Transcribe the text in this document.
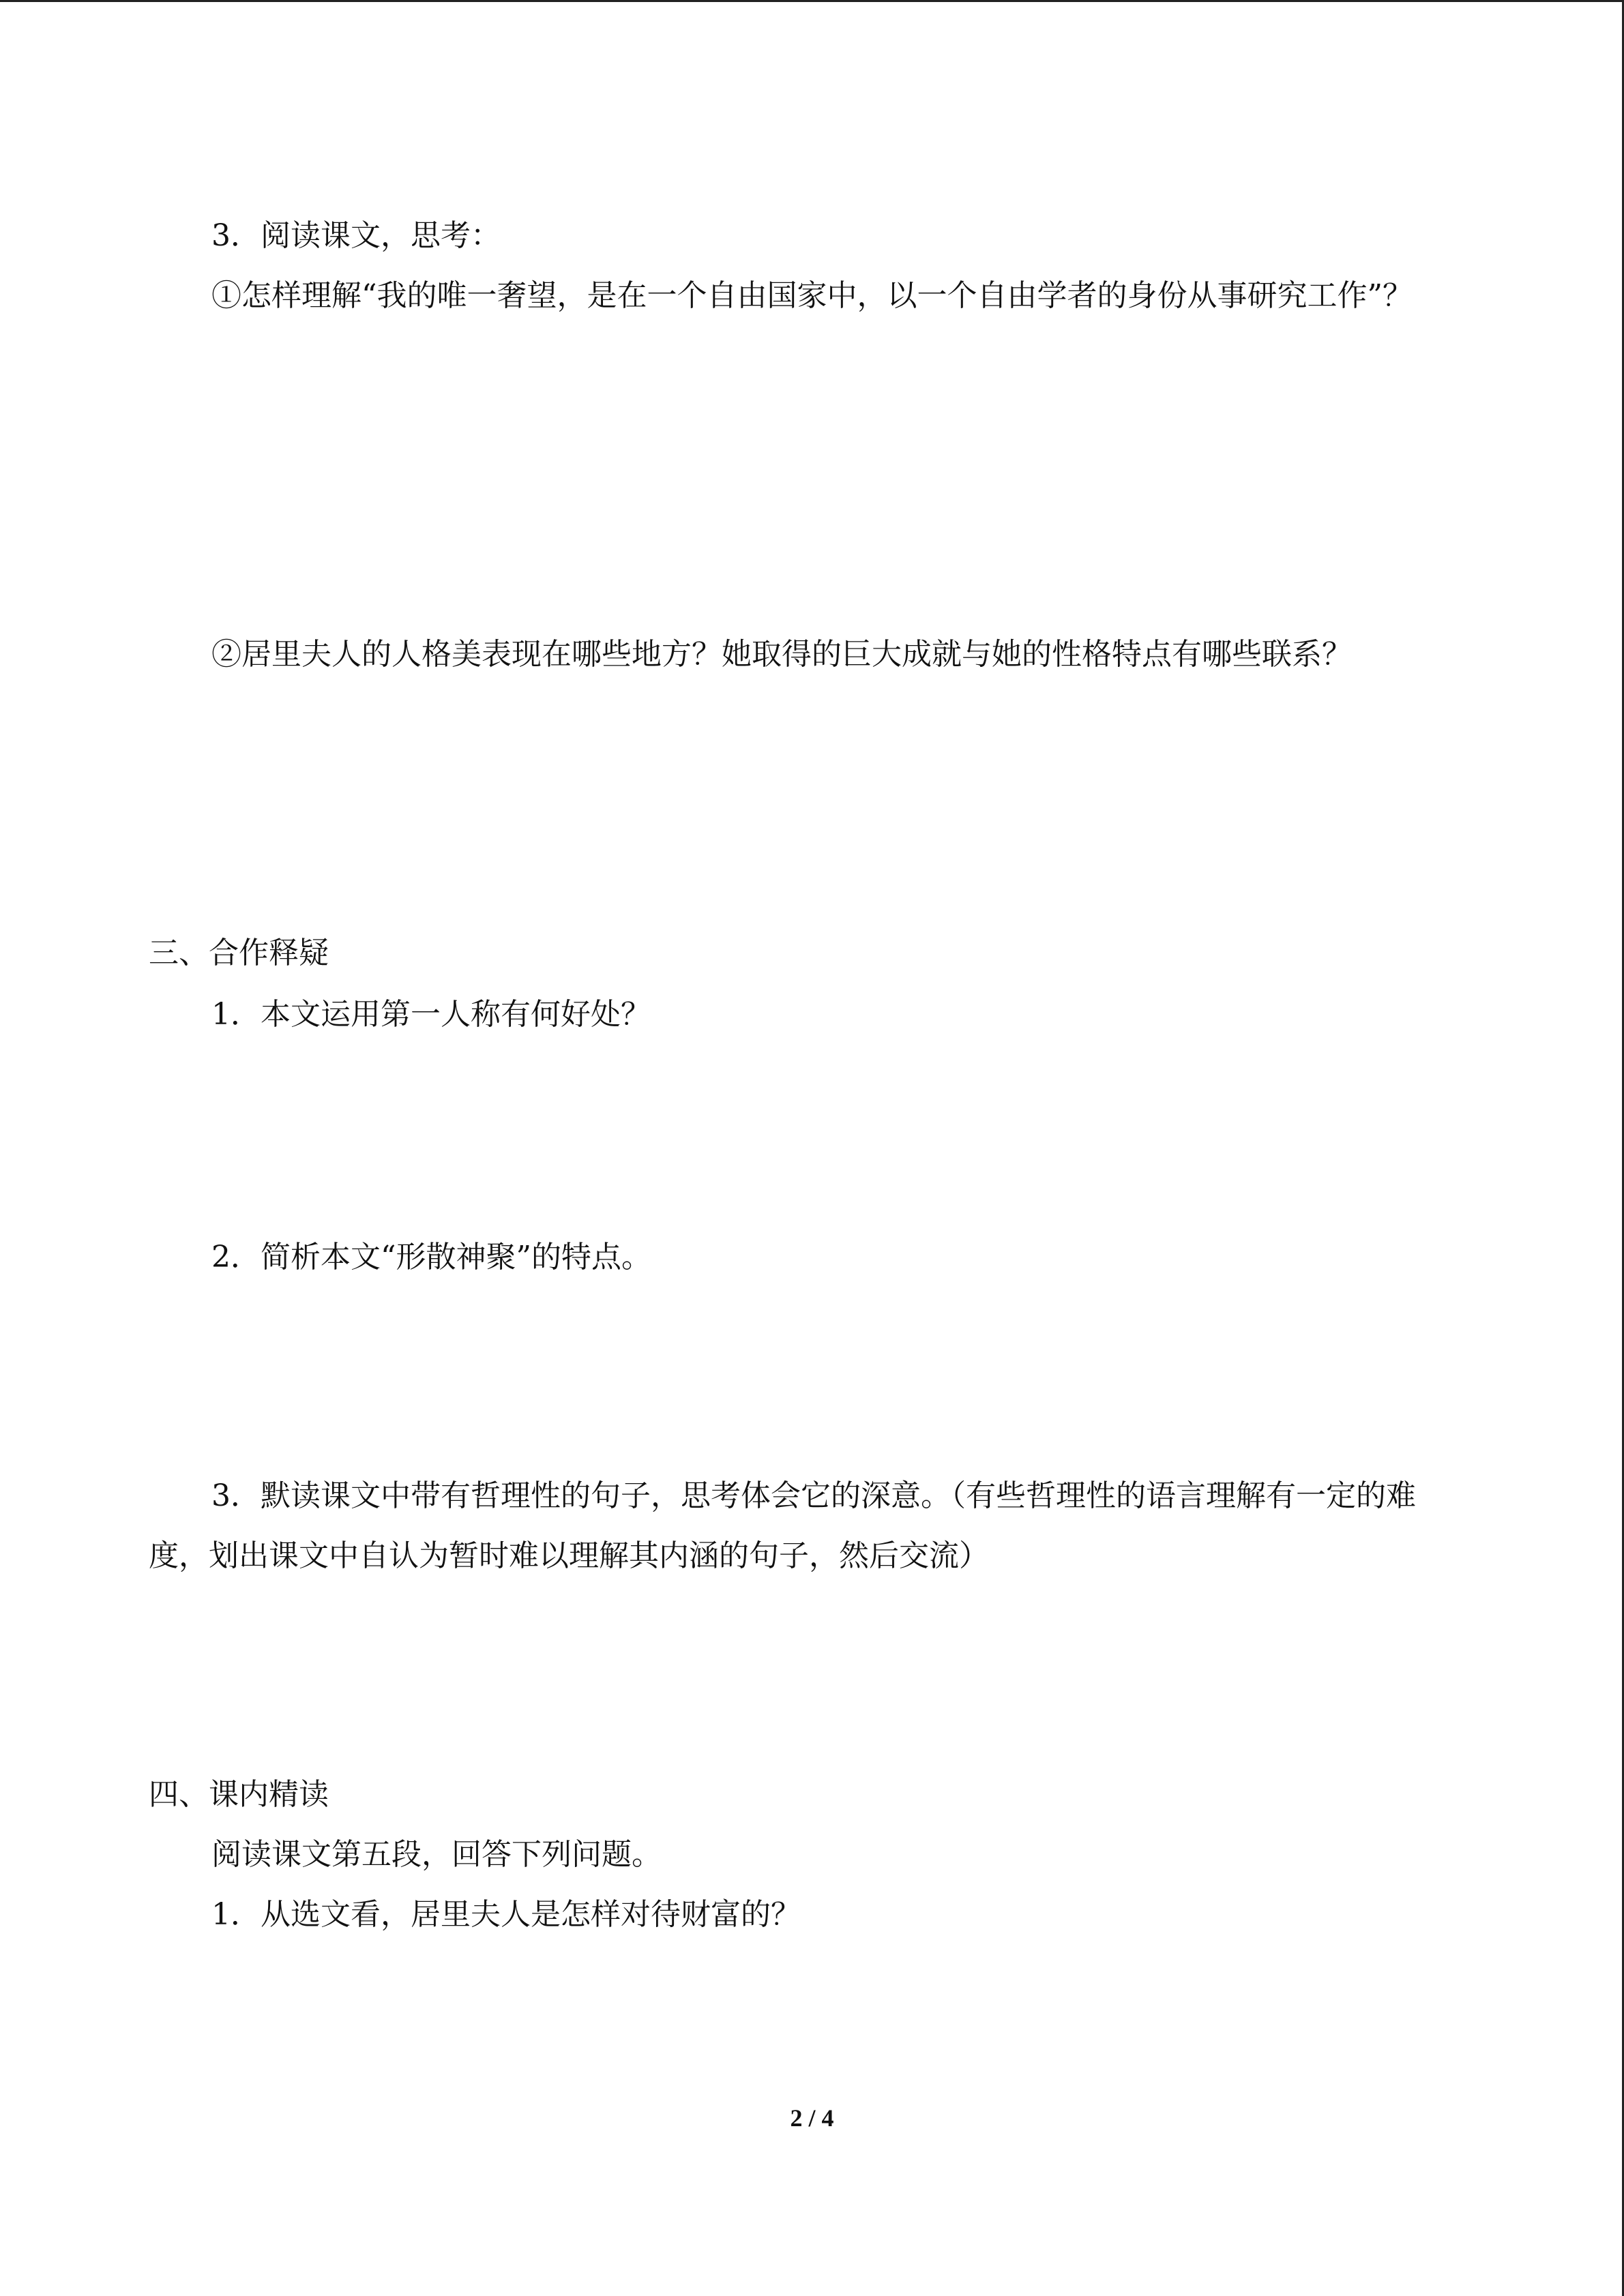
3．阅读课文，思考：

①怎样理解“我的唯一奢望，是在一个自由国家中，以一个自由学者的身份从事研究工作”？

②居里夫人的人格美表现在哪些地方？她取得的巨大成就与她的性格特点有哪些联系？

三、合作释疑

1．本文运用第一人称有何好处？

2．简析本文“形散神聚”的特点。

3．默读课文中带有哲理性的句子，思考体会它的深意。（有些哲理性的语言理解有一定的难度，划出课文中自认为暂时难以理解其内涵的句子，然后交流）

四、课内精读

阅读课文第五段，回答下列问题。

1．从选文看，居里夫人是怎样对待财富的？

2 / 4
